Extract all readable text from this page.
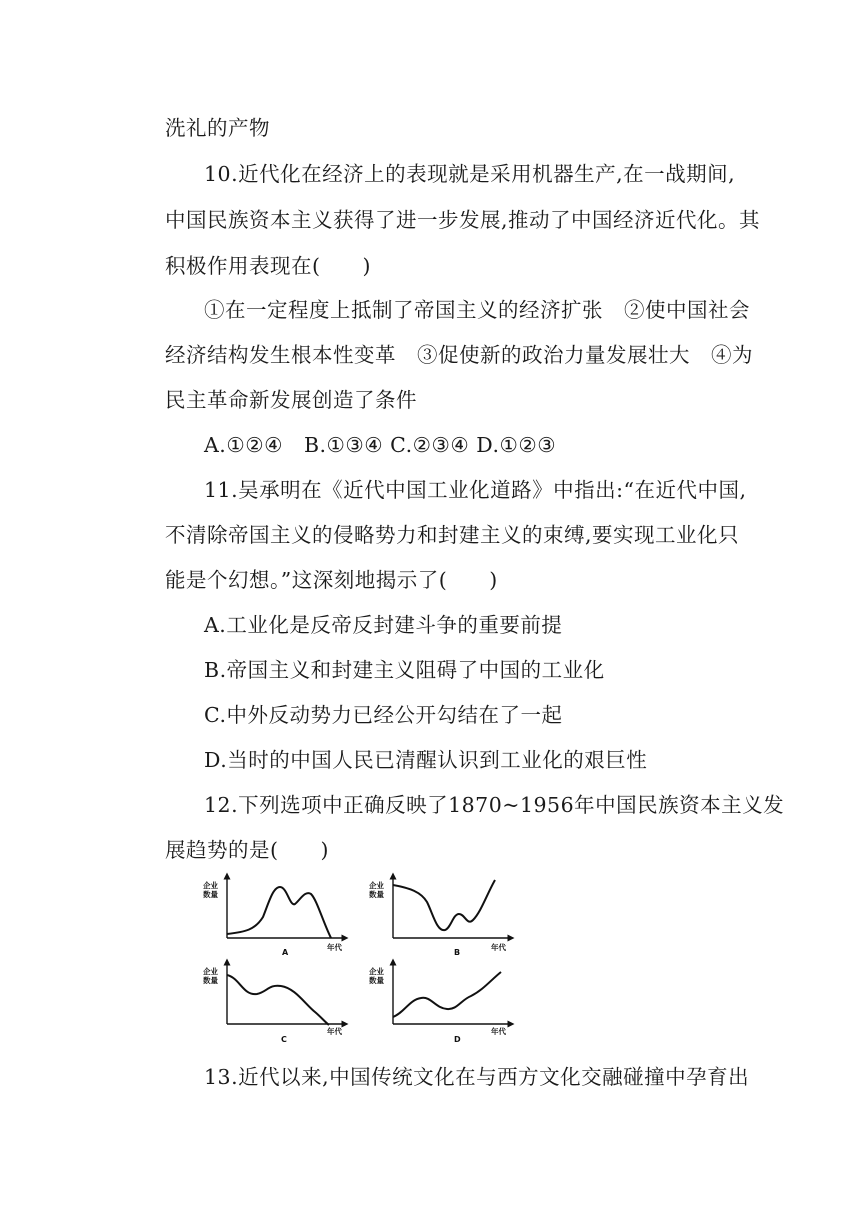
洗礼的产物
10.近代化在经济上的表现就是采用机器生产,在一战期间,
中国民族资本主义获得了进一步发展,推动了中国经济近代化。其
积极作用表现在(　　)
①在一定程度上抵制了帝国主义的经济扩张　②使中国社会
经济结构发生根本性变革　③促使新的政治力量发展壮大　④为
民主革命新发展创造了条件
A.①②④　B.①③④ C.②③④ D.①②③
11.吴承明在《近代中国工业化道路》中指出:“在近代中国,
不清除帝国主义的侵略势力和封建主义的束缚,要实现工业化只
能是个幻想。”这深刻地揭示了(　　)
A.工业化是反帝反封建斗争的重要前提
B.帝国主义和封建主义阻碍了中国的工业化
C.中外反动势力已经公开勾结在了一起
D.当时的中国人民已清醒认识到工业化的艰巨性
12.下列选项中正确反映了1870~1956年中国民族资本主义发
展趋势的是(　　)
企业
数量
年代
A
企业
数量
年代
B
企业
数量
年代
C
企业
数量
年代
D
13.近代以来,中国传统文化在与西方文化交融碰撞中孕育出
